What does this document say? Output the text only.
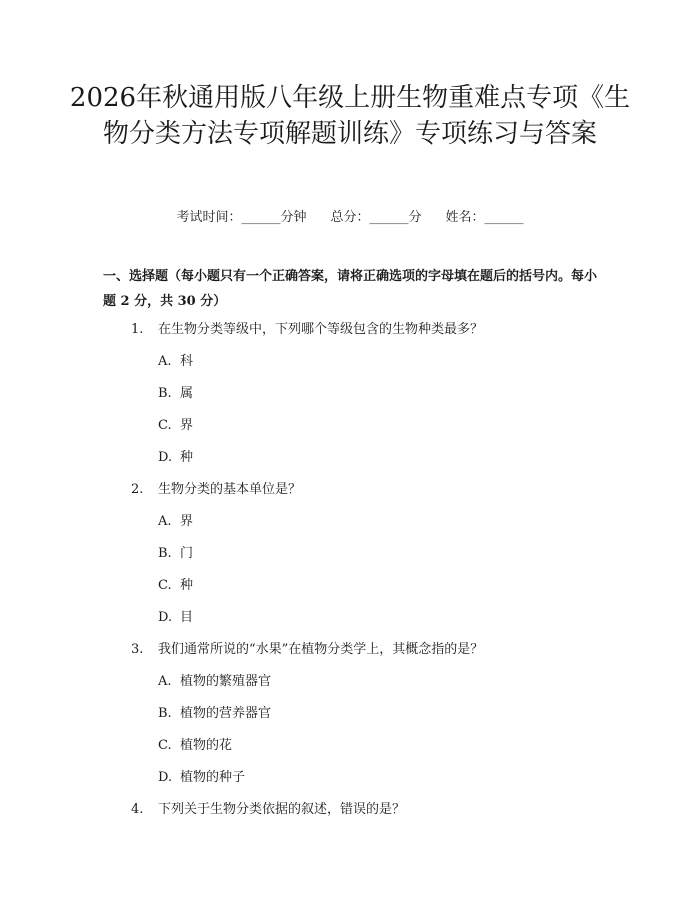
2026年秋通用版八年级上册生物重难点专项《生物分类方法专项解题训练》专项练习与答案
考试时间：______分钟 总分：______分 姓名：______

一、选择题（每小题只有一个正确答案，请将正确选项的字母填在题后的括号内。每小题 2 分，共 30 分）

1. 在生物分类等级中，下列哪个等级包含的生物种类最多？
A. 科
B. 属
C. 界
D. 种
2. 生物分类的基本单位是？
A. 界
B. 门
C. 种
D. 目
3. 我们通常所说的“水果”在植物分类学上，其概念指的是？
A. 植物的繁殖器官
B. 植物的营养器官
C. 植物的花
D. 植物的种子
4. 下列关于生物分类依据的叙述，错误的是？
